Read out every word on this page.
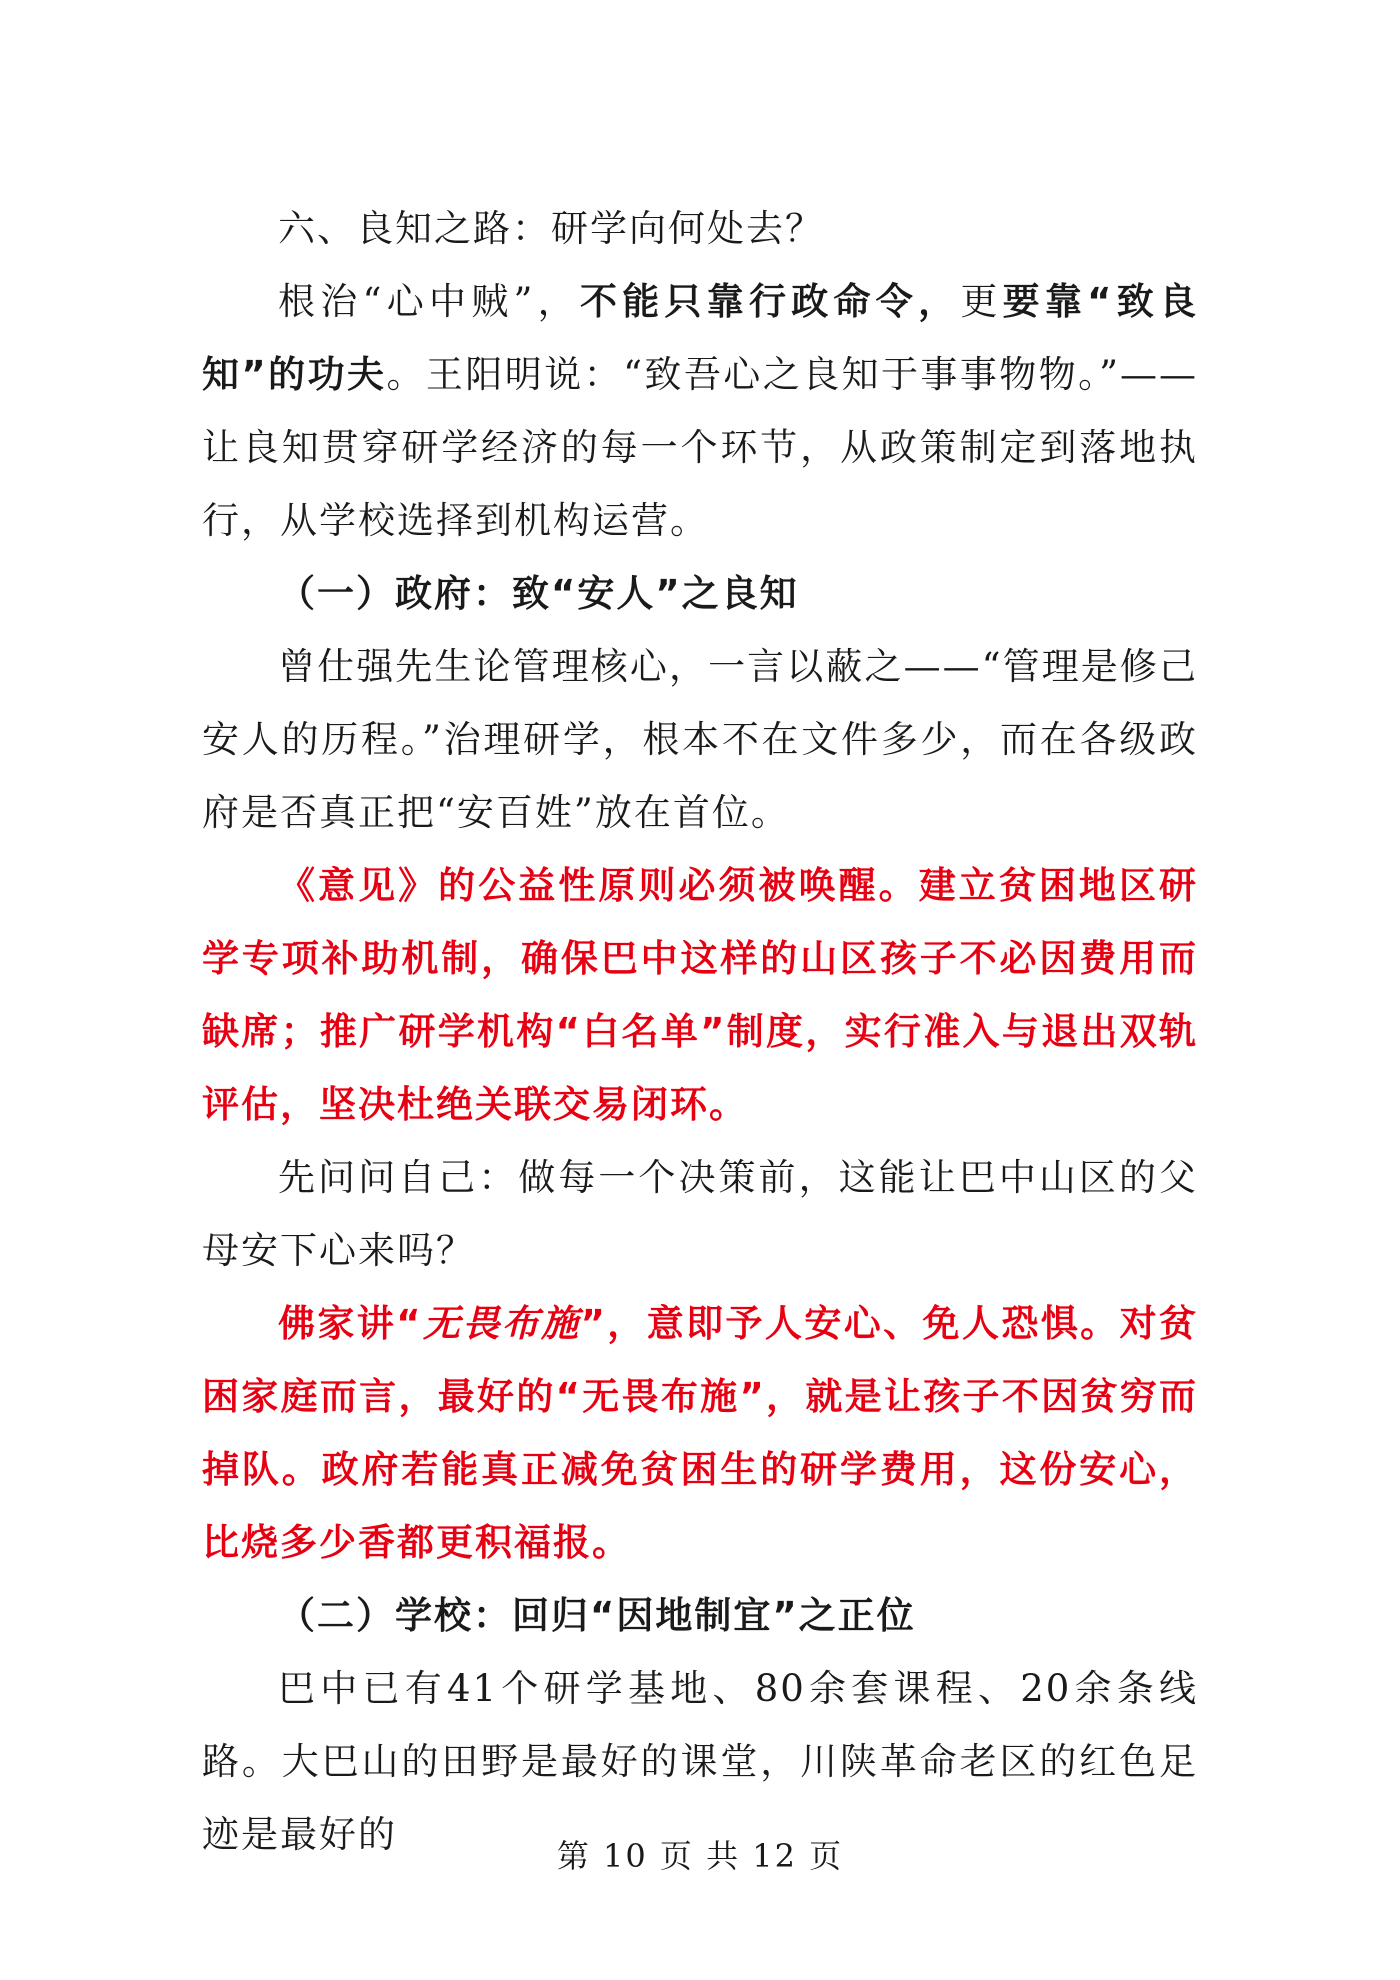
六、良知之路：研学向何处去？

根治“心中贼”，不能只靠行政命令，更要靠“致良知”的功夫。王阳明说：“致吾心之良知于事事物物。”——让良知贯穿研学经济的每一个环节，从政策制定到落地执行，从学校选择到机构运营。

（一）政府：致“安人”之良知

曾仕强先生论管理核心，一言以蔽之——“管理是修己安人的历程。”治理研学，根本不在文件多少，而在各级政府是否真正把“安百姓”放在首位。

《意见》的公益性原则必须被唤醒。建立贫困地区研学专项补助机制，确保巴中这样的山区孩子不必因费用而缺席；推广研学机构“白名单”制度，实行准入与退出双轨评估，坚决杜绝关联交易闭环。

先问问自己：做每一个决策前，这能让巴中山区的父母安下心来吗？

佛家讲“无畏布施”，意即予人安心、免人恐惧。对贫困家庭而言，最好的“无畏布施”，就是让孩子不因贫穷而掉队。政府若能真正减免贫困生的研学费用，这份安心，比烧多少香都更积福报。

（二）学校：回归“因地制宜”之正位

巴中已有41个研学基地、80余套课程、20余条线路。大巴山的田野是最好的课堂，川陕革命老区的红色足迹是最好的	第 10 页 共 12 页
